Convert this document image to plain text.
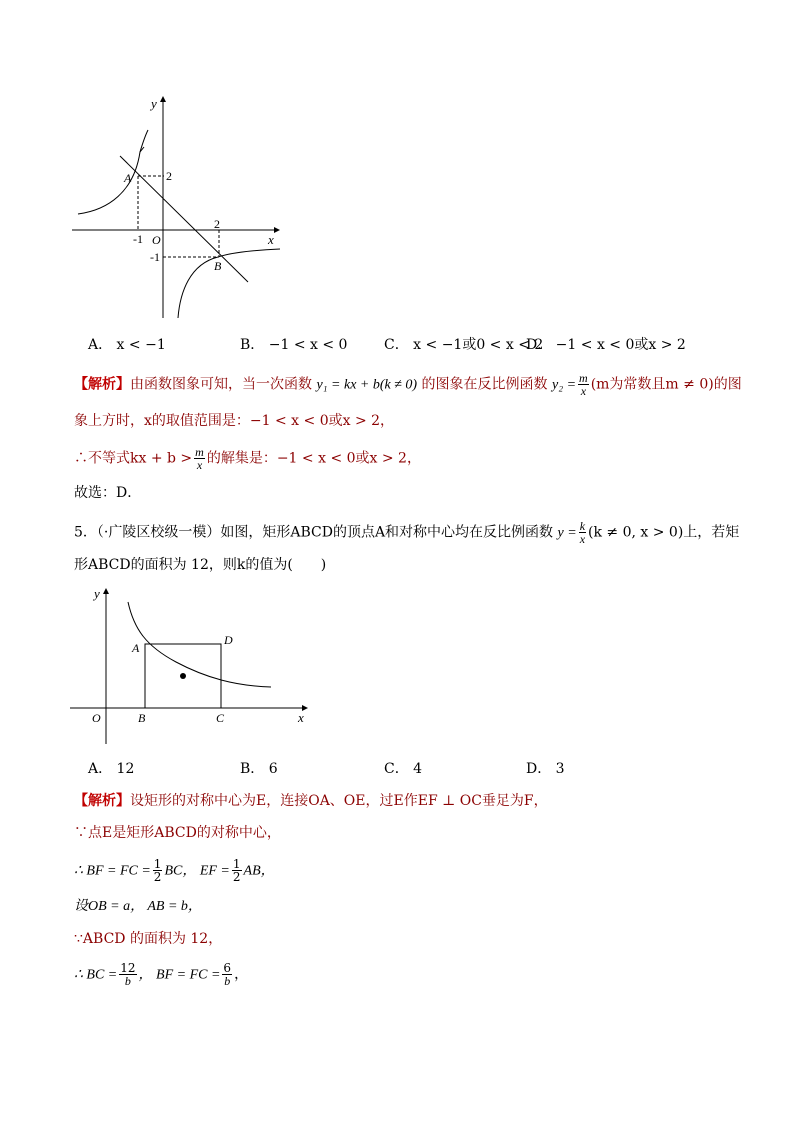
y
x
O
A
B
2
-1
2
-1
A． x < −1	B． −1 < x < 0	C． x < −1或0 < x < 2
D． −1 < x < 0或x > 2
【解析】由函数图象可知，当一次函数 y₁ = kx + b(k ≠ 0) 的图象在反比例函数 $y_2 = \frac{m}{x} (m$为常数且m ≠ 0)的图
象上方时，x的取值范围是：−1 < x < 0或x > 2，
∴不等式kx + $b > \frac{m}{x}$ 的解集是：−1 < x < 0或x > 2，
故选：D．
5．（·广陵区校级一模）如图，矩形ABCD的顶点A和对称中心均在反比例函数 $y = \frac{k}{x} (k \ne 0$, x > 0)上，若矩
形ABCD的面积为 12，则k的值为(　　)
y
x
O
A
B	C
D
A． 12	B． 6	C． 4	D． 3
【解析】设矩形的对称中心为E，连接OA、OE，过E作EF ⊥ OC垂足为F，
∵点E是矩形ABCD的对称中心，
∴ BF = FC = $\frac{1}{2}$ BC， EF = $\frac{1}{2}$ AB，
设OB = a， AB = b，
∵ABCD 的面积为 12，
∴ BC = $\frac{12}{b}$ ， BF = FC = $\frac{6}{b}$ ，
